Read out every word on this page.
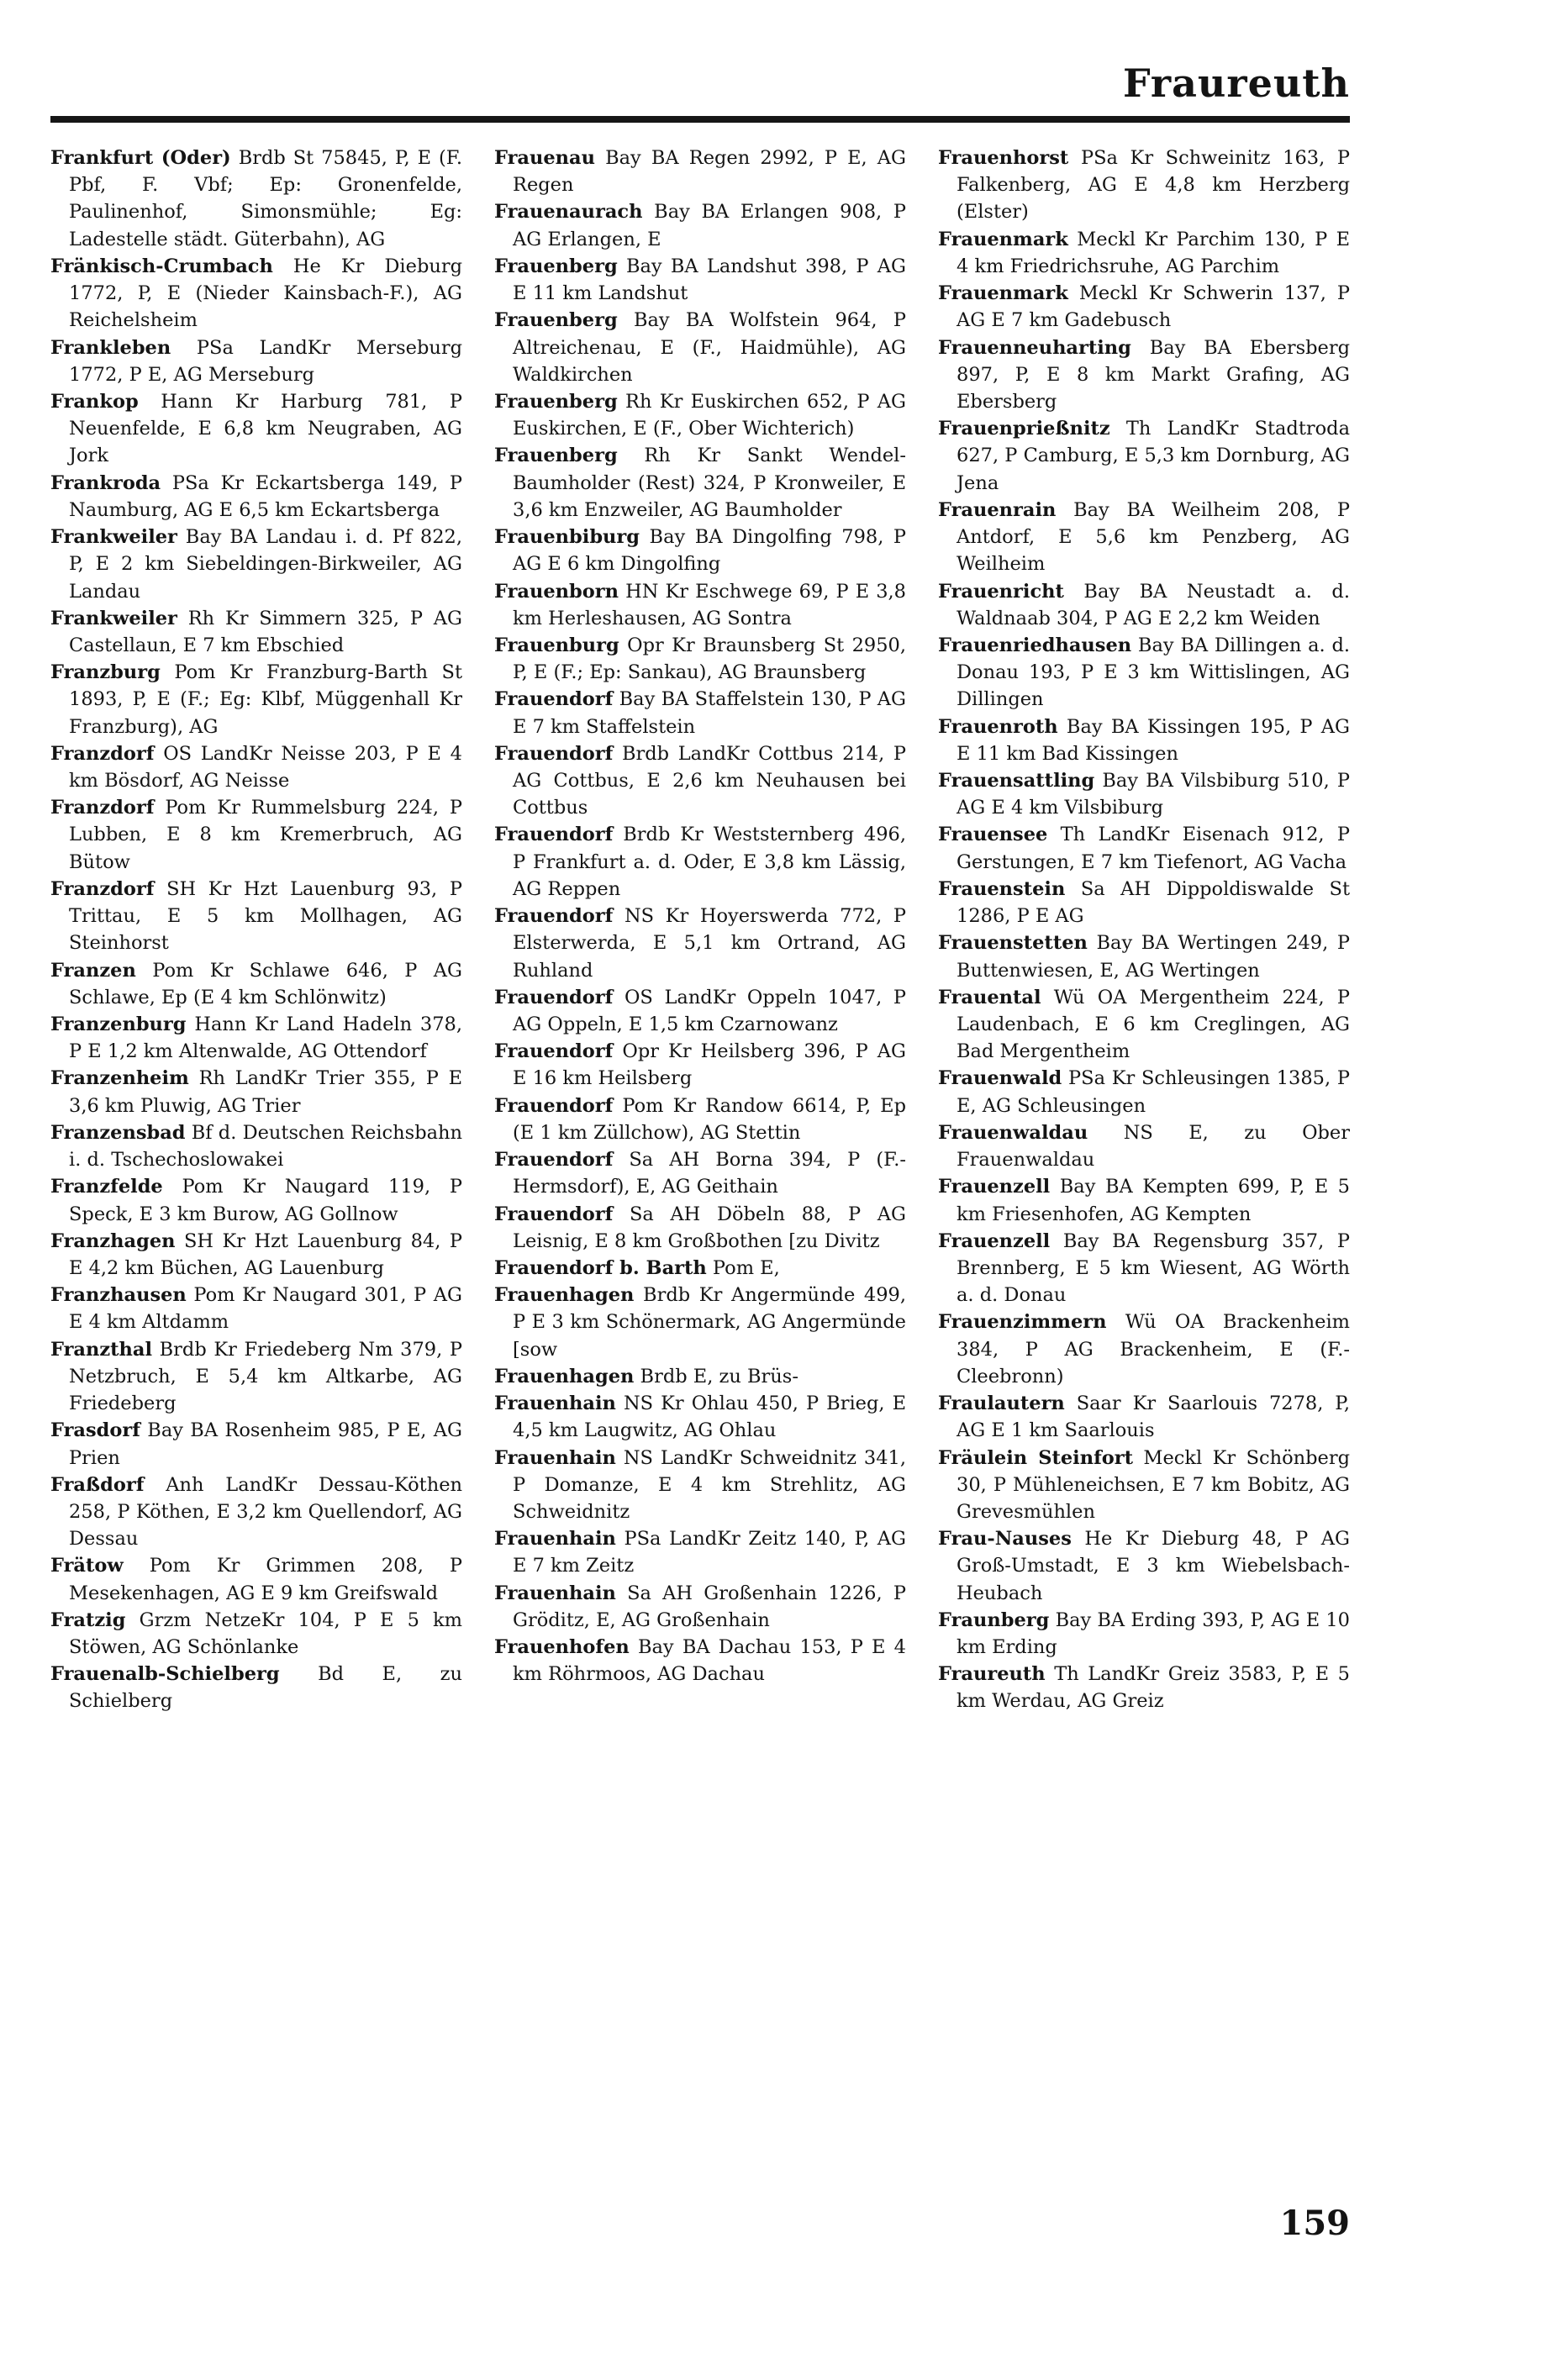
Fraureuth

Frankfurt (Oder) Brdb St 75845, P, E (F. Pbf, F. Vbf; Ep: Gronenfelde, Paulinenhof, Simonsmühle; Eg: Ladestelle städt. Güterbahn), AG

Fränkisch-Crumbach He Kr Dieburg 1772, P, E (Nieder Kainsbach-F.), AG Reichelsheim

Frankleben PSa LandKr Merseburg 1772, P E, AG Merseburg

Frankop Hann Kr Harburg 781, P Neuenfelde, E 6,8 km Neugraben, AG Jork

Frankroda PSa Kr Eckartsberga 149, P Naumburg, AG E 6,5 km Eckartsberga

Frankweiler Bay BA Landau i. d. Pf 822, P, E 2 km Siebeldingen-Birkweiler, AG Landau

Frankweiler Rh Kr Simmern 325, P AG Castellaun, E 7 km Ebschied

Franzburg Pom Kr Franzburg-Barth St 1893, P, E (F.; Eg: Klbf, Müggenhall Kr Franzburg), AG

Franzdorf OS LandKr Neisse 203, P E 4 km Bösdorf, AG Neisse

Franzdorf Pom Kr Rummelsburg 224, P Lubben, E 8 km Kremerbruch, AG Bütow

Franzdorf SH Kr Hzt Lauenburg 93, P Trittau, E 5 km Mollhagen, AG Steinhorst

Franzen Pom Kr Schlawe 646, P AG Schlawe, Ep (E 4 km Schlönwitz)

Franzenburg Hann Kr Land Hadeln 378, P E 1,2 km Altenwalde, AG Ottendorf

Franzenheim Rh LandKr Trier 355, P E 3,6 km Pluwig, AG Trier

Franzensbad Bf d. Deutschen Reichsbahn i. d. Tschechoslowakei

Franzfelde Pom Kr Naugard 119, P Speck, E 3 km Burow, AG Gollnow

Franzhagen SH Kr Hzt Lauenburg 84, P E 4,2 km Büchen, AG Lauenburg

Franzhausen Pom Kr Naugard 301, P AG E 4 km Altdamm

Franzthal Brdb Kr Friedeberg Nm 379, P Netzbruch, E 5,4 km Altkarbe, AG Friedeberg

Frasdorf Bay BA Rosenheim 985, P E, AG Prien

Fraßdorf Anh LandKr Dessau-Köthen 258, P Köthen, E 3,2 km Quellendorf, AG Dessau

Frätow Pom Kr Grimmen 208, P Mesekenhagen, AG E 9 km Greifswald

Fratzig Grzm NetzeKr 104, P E 5 km Stöwen, AG Schönlanke

Frauenalb-Schielberg Bd E, zu Schielberg

Frauenau Bay BA Regen 2992, P E, AG Regen

Frauenaurach Bay BA Erlangen 908, P AG Erlangen, E

Frauenberg Bay BA Landshut 398, P AG E 11 km Landshut

Frauenberg Bay BA Wolfstein 964, P Altreichenau, E (F., Haidmühle), AG Waldkirchen

Frauenberg Rh Kr Euskirchen 652, P AG Euskirchen, E (F., Ober Wichterich)

Frauenberg Rh Kr Sankt Wendel-Baumholder (Rest) 324, P Kronweiler, E 3,6 km Enzweiler, AG Baumholder

Frauenbiburg Bay BA Dingolfing 798, P AG E 6 km Dingolfing

Frauenborn HN Kr Eschwege 69, P E 3,8 km Herleshausen, AG Sontra

Frauenburg Opr Kr Braunsberg St 2950, P, E (F.; Ep: Sankau), AG Braunsberg

Frauendorf Bay BA Staffelstein 130, P AG E 7 km Staffelstein

Frauendorf Brdb LandKr Cottbus 214, P AG Cottbus, E 2,6 km Neuhausen bei Cottbus

Frauendorf Brdb Kr Weststernberg 496, P Frankfurt a. d. Oder, E 3,8 km Lässig, AG Reppen

Frauendorf NS Kr Hoyerswerda 772, P Elsterwerda, E 5,1 km Ortrand, AG Ruhland

Frauendorf OS LandKr Oppeln 1047, P AG Oppeln, E 1,5 km Czarnowanz

Frauendorf Opr Kr Heilsberg 396, P AG E 16 km Heilsberg

Frauendorf Pom Kr Randow 6614, P, Ep (E 1 km Züllchow), AG Stettin

Frauendorf Sa AH Borna 394, P (F.-Hermsdorf), E, AG Geithain

Frauendorf Sa AH Döbeln 88, P AG Leisnig, E 8 km Großbothen [zu Divitz

Frauendorf b. Barth Pom E,

Frauenhagen Brdb Kr Angermünde 499, P E 3 km Schönermark, AG Angermünde [sow

Frauenhagen Brdb E, zu Brüs-

Frauenhain NS Kr Ohlau 450, P Brieg, E 4,5 km Laugwitz, AG Ohlau

Frauenhain NS LandKr Schweidnitz 341, P Domanze, E 4 km Strehlitz, AG Schweidnitz

Frauenhain PSa LandKr Zeitz 140, P, AG E 7 km Zeitz

Frauenhain Sa AH Großenhain 1226, P Gröditz, E, AG Großenhain

Frauenhofen Bay BA Dachau 153, P E 4 km Röhrmoos, AG Dachau

Frauenhorst PSa Kr Schweinitz 163, P Falkenberg, AG E 4,8 km Herzberg (Elster)

Frauenmark Meckl Kr Parchim 130, P E 4 km Friedrichsruhe, AG Parchim

Frauenmark Meckl Kr Schwerin 137, P AG E 7 km Gadebusch

Frauenneuharting Bay BA Ebersberg 897, P, E 8 km Markt Grafing, AG Ebersberg

Frauenprießnitz Th LandKr Stadtroda 627, P Camburg, E 5,3 km Dornburg, AG Jena

Frauenrain Bay BA Weilheim 208, P Antdorf, E 5,6 km Penzberg, AG Weilheim

Frauenricht Bay BA Neustadt a. d. Waldnaab 304, P AG E 2,2 km Weiden

Frauenriedhausen Bay BA Dillingen a. d. Donau 193, P E 3 km Wittislingen, AG Dillingen

Frauenroth Bay BA Kissingen 195, P AG E 11 km Bad Kissingen

Frauensattling Bay BA Vilsbiburg 510, P AG E 4 km Vilsbiburg

Frauensee Th LandKr Eisenach 912, P Gerstungen, E 7 km Tiefenort, AG Vacha

Frauenstein Sa AH Dippoldiswalde St 1286, P E AG

Frauenstetten Bay BA Wertingen 249, P Buttenwiesen, E, AG Wertingen

Frauental Wü OA Mergentheim 224, P Laudenbach, E 6 km Creglingen, AG Bad Mergentheim

Frauenwald PSa Kr Schleusingen 1385, P E, AG Schleusingen

Frauenwaldau NS E, zu Ober Frauenwaldau

Frauenzell Bay BA Kempten 699, P, E 5 km Friesenhofen, AG Kempten

Frauenzell Bay BA Regensburg 357, P Brennberg, E 5 km Wiesent, AG Wörth a. d. Donau

Frauenzimmern Wü OA Brackenheim 384, P AG Brackenheim, E (F.-Cleebronn)

Fraulautern Saar Kr Saarlouis 7278, P, AG E 1 km Saarlouis

Fräulein Steinfort Meckl Kr Schönberg 30, P Mühleneichsen, E 7 km Bobitz, AG Grevesmühlen

Frau-Nauses He Kr Dieburg 48, P AG Groß-Umstadt, E 3 km Wiebelsbach-Heubach

Fraunberg Bay BA Erding 393, P, AG E 10 km Erding

Fraureuth Th LandKr Greiz 3583, P, E 5 km Werdau, AG Greiz

159
